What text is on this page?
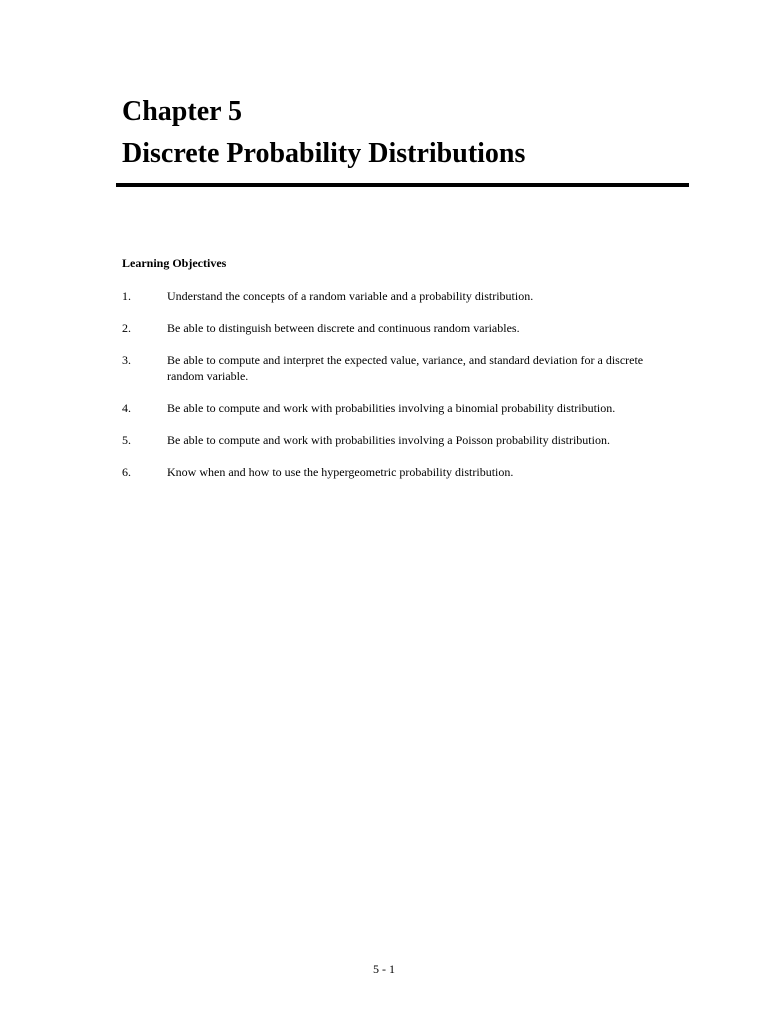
Chapter 5
Discrete Probability Distributions
Learning Objectives
1.	Understand the concepts of a random variable and a probability distribution.
2.	Be able to distinguish between discrete and continuous random variables.
3.	Be able to compute and interpret the expected value, variance, and standard deviation for a discrete random variable.
4.	Be able to compute and work with probabilities involving a binomial probability distribution.
5.	Be able to compute and work with probabilities involving a Poisson probability distribution.
6.	Know when and how to use the hypergeometric probability distribution.
5 - 1
